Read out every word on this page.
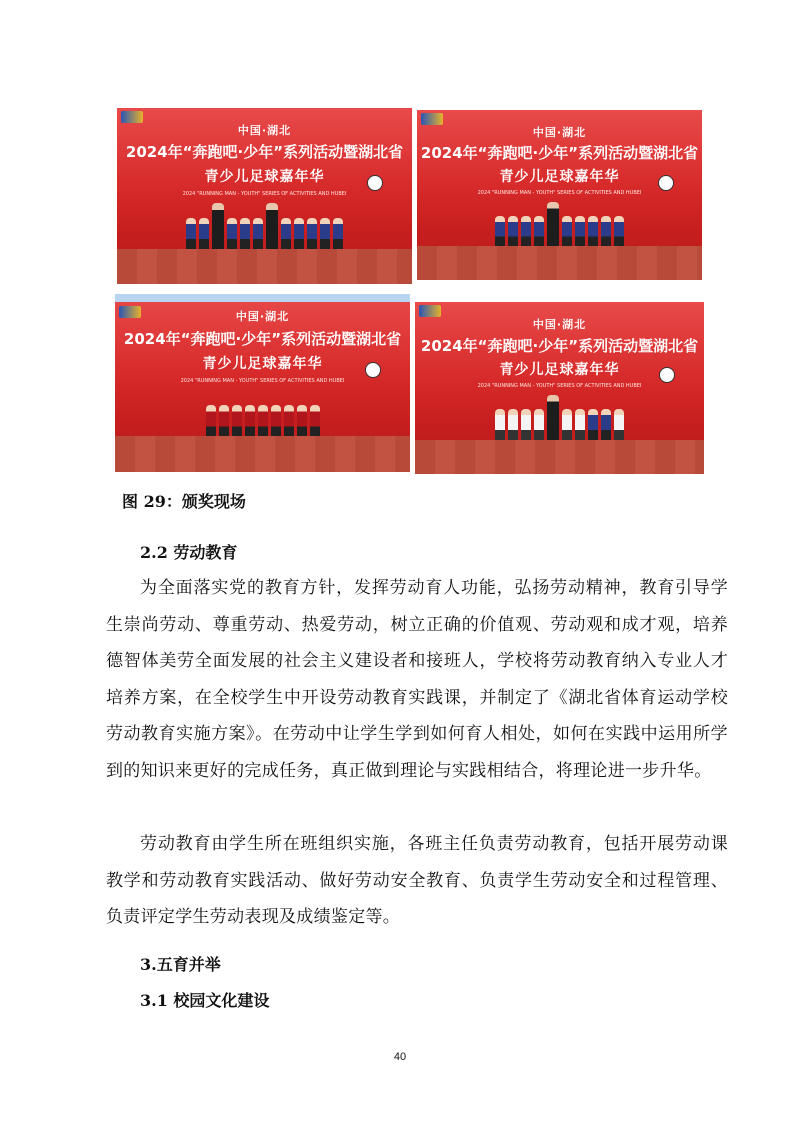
中国·湖北
2024年“奔跑吧·少年”系列活动暨湖北省
青少儿足球嘉年华
2024 "RUNNING MAN - YOUTH" SERIES OF ACTIVITIES AND HUBEI
中国·湖北
2024年“奔跑吧·少年”系列活动暨湖北省
青少儿足球嘉年华
2024 "RUNNING MAN - YOUTH" SERIES OF ACTIVITIES AND HUBEI
中国·湖北
2024年“奔跑吧·少年”系列活动暨湖北省
青少儿足球嘉年华
2024 "RUNNING MAN - YOUTH" SERIES OF ACTIVITIES AND HUBEI
中国·湖北
2024年“奔跑吧·少年”系列活动暨湖北省
青少儿足球嘉年华
2024 "RUNNING MAN - YOUTH" SERIES OF ACTIVITIES AND HUBEI
图 29：颁奖现场
2.2 劳动教育

为全面落实党的教育方针，发挥劳动育人功能，弘扬劳动精神，教育引导学生崇尚劳动、尊重劳动、热爱劳动，树立正确的价值观、劳动观和成才观，培养德智体美劳全面发展的社会主义建设者和接班人，学校将劳动教育纳入专业人才培养方案，在全校学生中开设劳动教育实践课，并制定了《湖北省体育运动学校劳动教育实施方案》。在劳动中让学生学到如何育人相处，如何在实践中运用所学到的知识来更好的完成任务，真正做到理论与实践相结合，将理论进一步升华。

劳动教育由学生所在班组织实施，各班主任负责劳动教育，包括开展劳动课教学和劳动教育实践活动、做好劳动安全教育、负责学生劳动安全和过程管理、负责评定学生劳动表现及成绩鉴定等。

3.五育并举
3.1 校园文化建设
40
